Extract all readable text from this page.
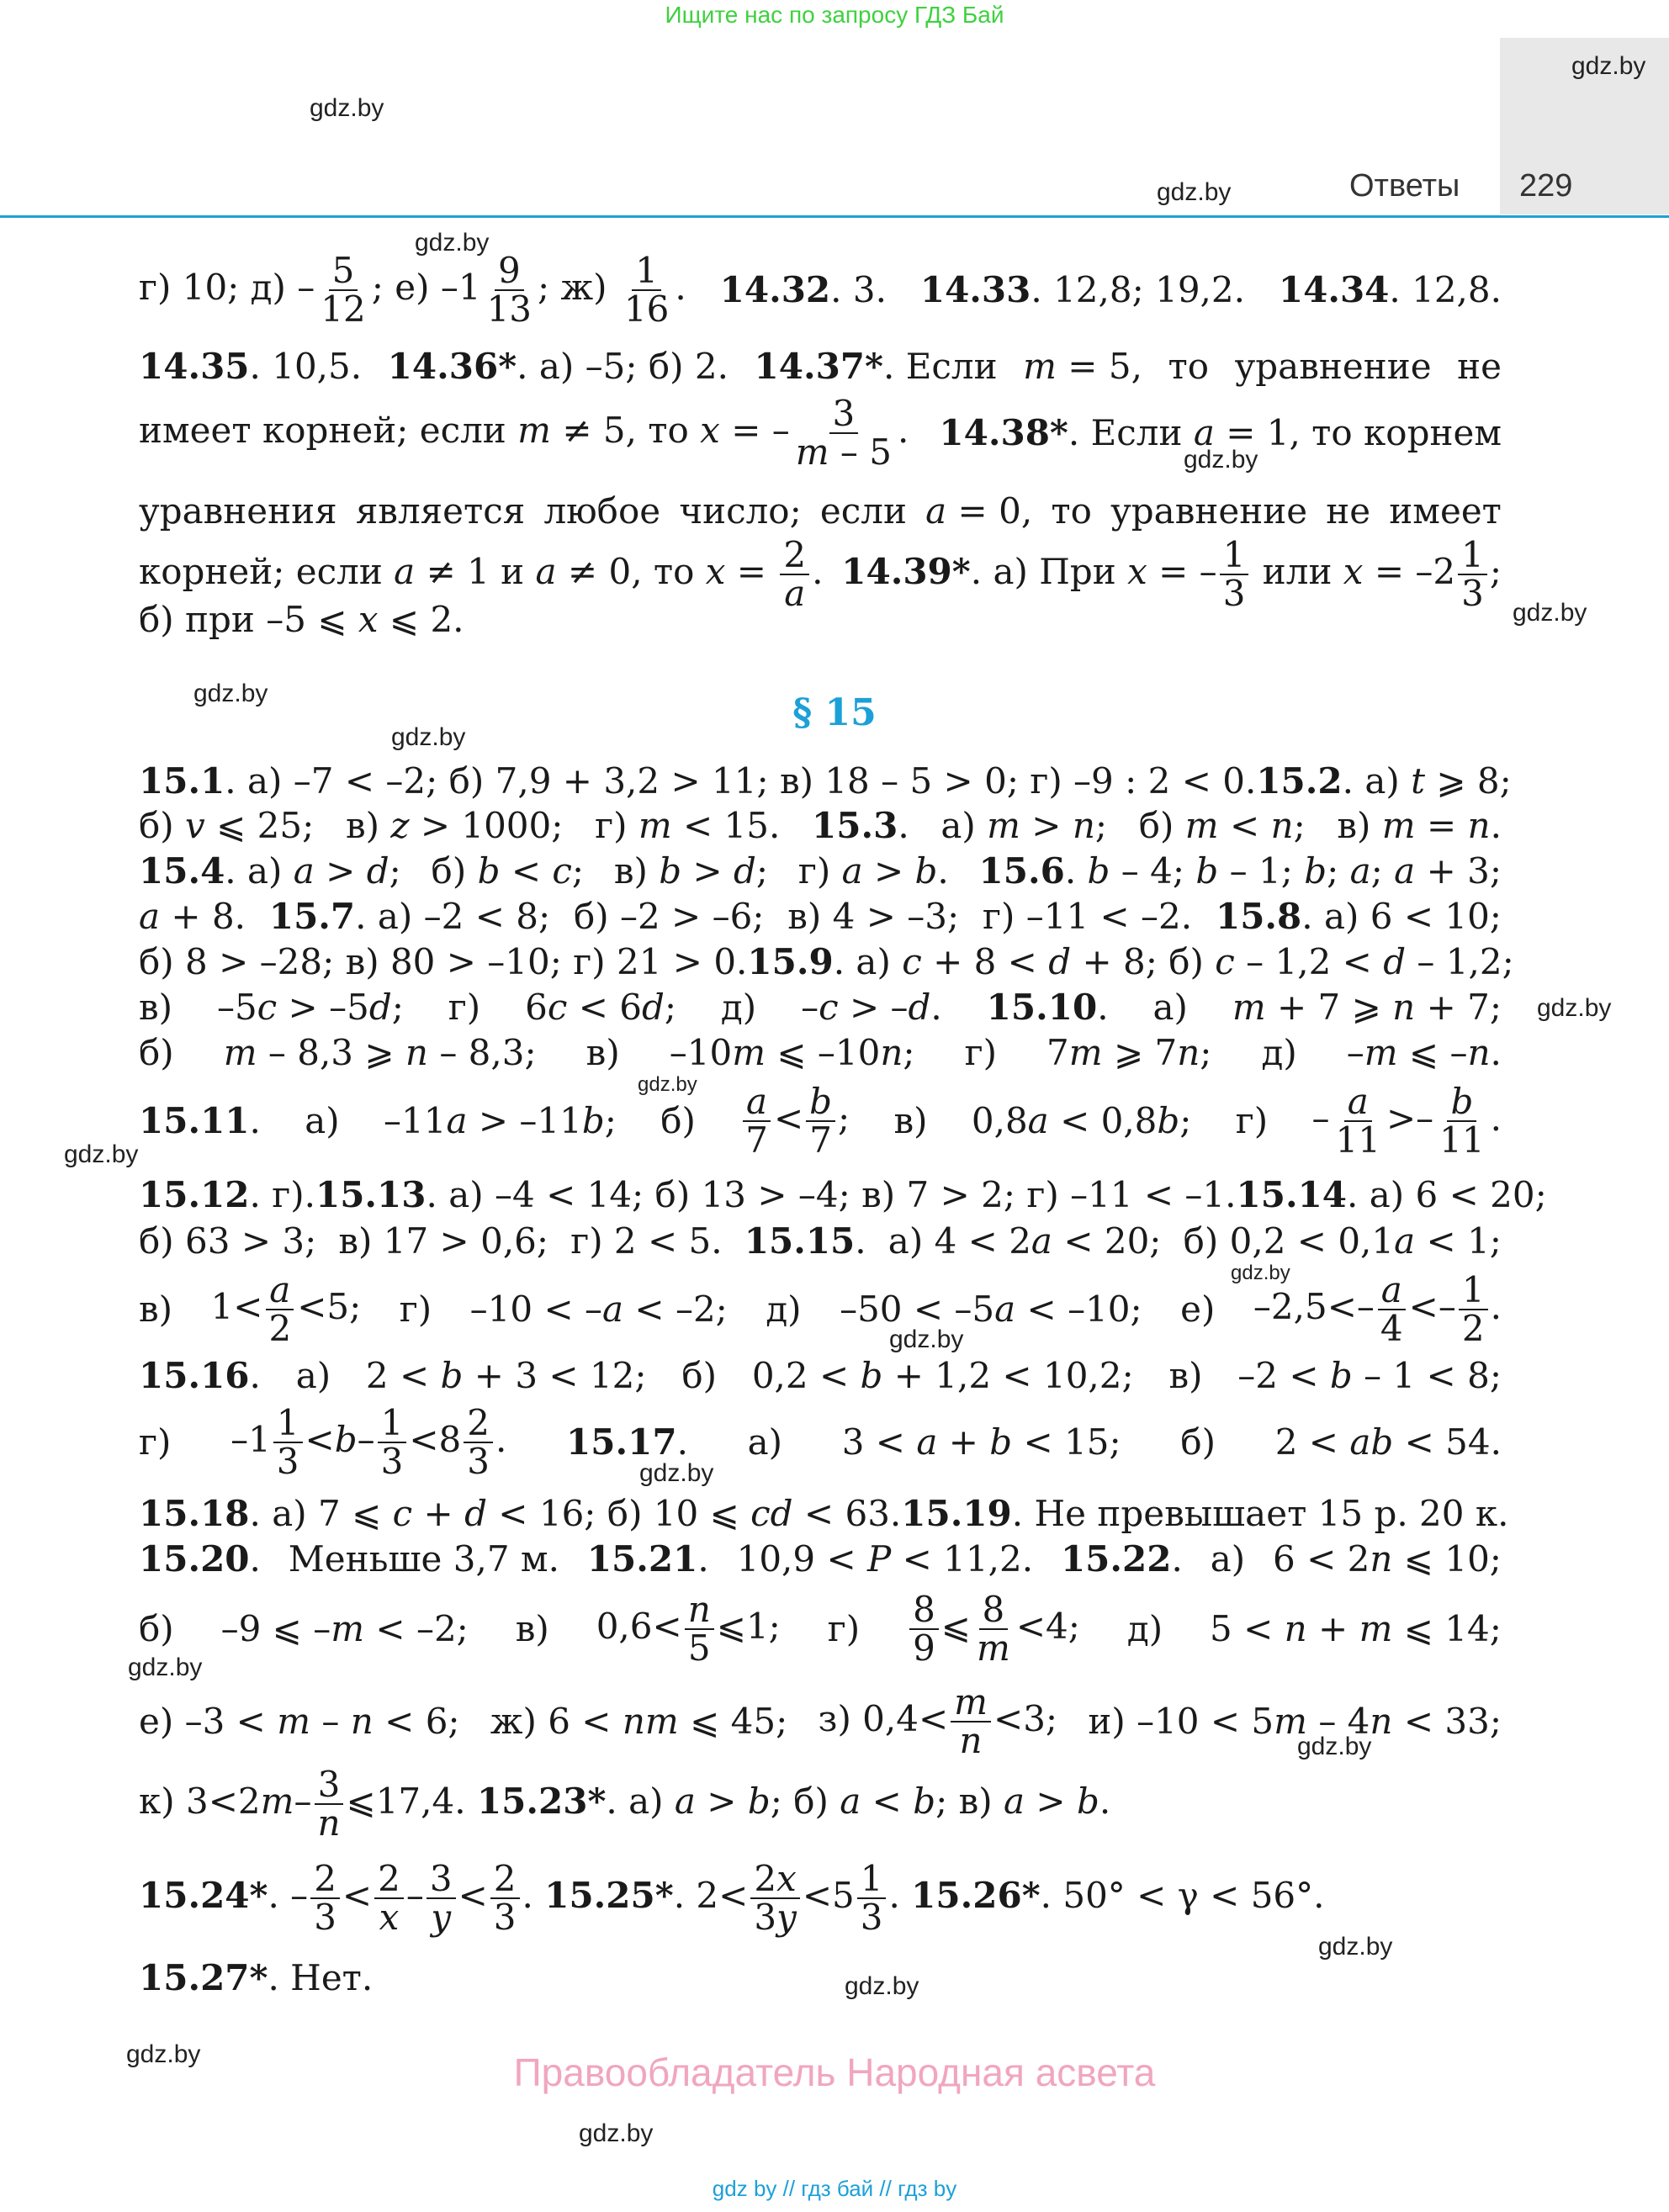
Ищите нас по запросу ГДЗ Бай
gdz.by
gdz.by
gdz.by	Ответы 229
gdz.by
г) 10; $д) - \frac{5}{12}$ ; е) $-1 \frac{9}{13}$ ; $ж) \frac{1}{16}$ . 14.32. 3. 14.33. 12,8; 19,2. 14.34. 12,8.
14.35. 10,5. 14.36*. а) –5; б) 2. 14.37*. Если m = 5, то уравнение не
имеет корней; если m ≠ 5, то x = – $\frac{3}{m - 5}$ . 14.38*. Если a = 1, то корнем
gdz.by
уравнения является любое число; если a = 0, то уравнение не имеет
корней; если a ≠ 1 и a ≠ 0, то $x = \frac{2}{a}$ . 14.39*. а) При x = – $\frac{1}{3}$ или $x = -2 \frac{1}{3}$ ;
б) при –5 ⩽ x ⩽ 2.	gdz.by
gdz.by	§ 15
gdz.by
15.1. а) –7 < –2; б) 7,9 + 3,2 > 11; в) 18 – 5 > 0; г) –9 : 2 < 0. 15.2. а) t ⩾ 8;
б) v ⩽ 25; в) z > 1000; г) m < 15. 15.3. а) m > n; б) m < n; в) m = n.
15.4. а) a > d; б) b < c; в) b > d; г) a > b. 15.6. b – 4; b – 1; b; a; a + 3;
a + 8. 15.7. а) –2 < 8; б) –2 > –6; в) 4 > –3; г) –11 < –2. 15.8. а) 6 < 10;
б) 8 > –28; в) 80 > –10; г) 21 > 0. 15.9. а) c + 8 < d + 8; б) c – 1,2 < d – 1,2;
в) –5c > –5d; г) 6c < 6d; д) –c > –d. 15.10. а) m + 7 ⩾ n + 7; gdz.by
б) m – 8,3 ⩾ n – 8,3; в) –10m ⩽ –10n; г) 7m ⩾ 7n; д) –m ⩽ –n.
gdz.by
15.11. а) –11a > –11b; $б) \frac{a}{7} < \frac{b}{7}$ ; в) 0,8a < 0,8b; $г) - \frac{a}{11} >- \frac{b}{11}$ .
gdz.by
15.12. г). 15.13. а) –4 < 14; б) 13 > –4; в) 7 > 2; г) –11 < –1. 15.14. а) 6 < 20;
б) 63 > 3; в) 17 > 0,6; г) 2 < 5. 15.15. а) 4 < 2a < 20; б) 0,2 < 0,1a < 1;
gdz.by
в) $1< \frac{a}{2} <5$; г) –10 < –a < –2; д) –50 < –5a < –10; е) $-2,5<- \frac{a}{4} <- \frac{1}{2}$ .
gdz.by
15.16. а) 2 < b + 3 < 12; б) 0,2 < b + 1,2 < 10,2; в) –2 < b – 1 < 8;
г) $-1 \frac{1}{3} <b- \frac{1}{3} <8 \frac{2}{3}$ . 15.17. а) 3 < a + b < 15; б) 2 < ab < 54.
gdz.by
15.18. а) 7 ⩽ c + d < 16; б) 10 ⩽ cd < 63. 15.19. Не превышает 15 р. 20 к.
15.20. Меньше 3,7 м. 15.21. 10,9 < P < 11,2. 15.22. а) 6 < 2n ⩽ 10;
б) –9 ⩽ –m < –2; в) $0,6< \frac{n}{5}$ ⩽1; $г) \frac{8}{9}$ ⩽ $\frac{8}{m} <4$; д) 5 < n + m ⩽ 14;
gdz.by
е) –3 < m – n < 6; ж) 6 < nm ⩽ 45; з) $0,4< \frac{m}{n} <3$; и) –10 < 5m – 4n < 33;
gdz.by
к) $3<2m- \frac{3}{n}$ ⩽17,4. 15.23*. а) a > b; б) a < b; в) a > b.
15.24*. – $\frac{2}{3} < \frac{2}{x} - \frac{3}{y} < \frac{2}{3}$ . 15.25*. $2< \frac{2x}{3y} <5 \frac{1}{3}$ . 15.26*. 50° < γ < 56°.
gdz.by
15.27*. Нет.	gdz.by
gdz.by	Правообладатель Народная асвета
gdz.by
gdz by // гдз бай // гдз by
